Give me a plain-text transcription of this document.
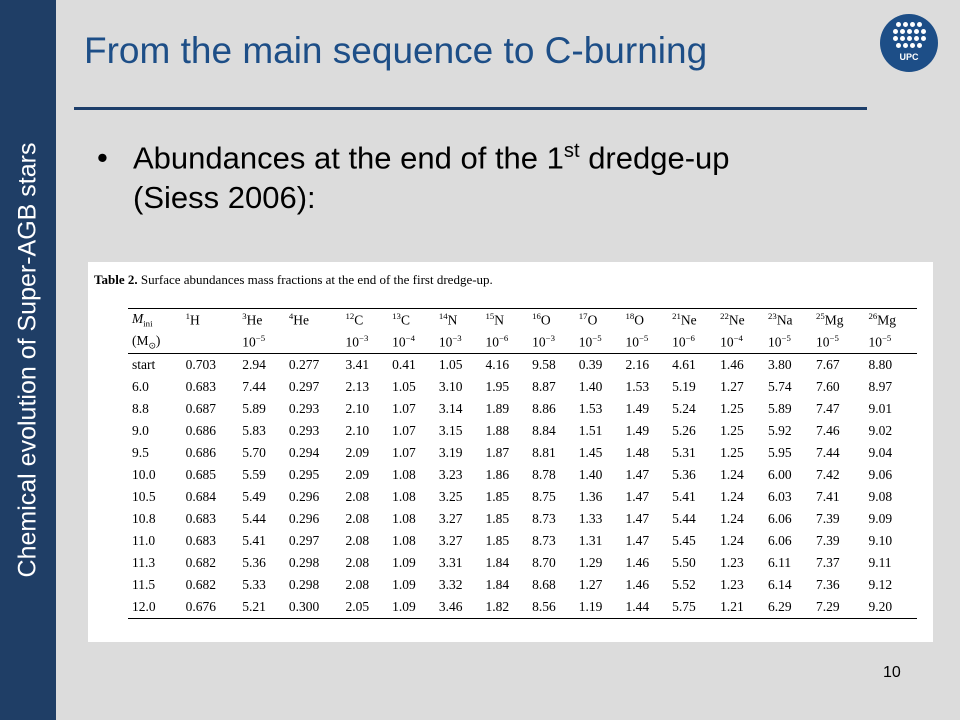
Chemical evolution of Super-AGB stars
From the main sequence to C-burning	UPC
• Abundances at the end of the 1st dredge-up
(Siess 2006):
Table 2. Surface abundances mass fractions at the end of the first dredge-up.
$M_{ini}$	$^1$H	$^3$He	$^4$He	$^{12}$C	$^{13}$C	$^{14}$N	$^{15}$N	$^{16}$O	$^{17}$O	$^{18}$O	$^{21}$Ne	$^{22}$Ne	$^{23}$Na	$^{25}$Mg	$^{26}$Mg
$(M_⊙)$		$10^{-5}$		$10^{-3}$	$10^{-4}$	$10^{-3}$	$10^{-6}$	$10^{-3}$	$10^{-5}$	$10^{-5}$	$10^{-6}$	$10^{-4}$	$10^{-5}$	$10^{-5}$	$10^{-5}$
start	0.703	2.94	0.277	3.41	0.41	1.05	4.16	9.58	0.39	2.16	4.61	1.46	3.80	7.67	8.80
6.0	0.683	7.44	0.297	2.13	1.05	3.10	1.95	8.87	1.40	1.53	5.19	1.27	5.74	7.60	8.97
8.8	0.687	5.89	0.293	2.10	1.07	3.14	1.89	8.86	1.53	1.49	5.24	1.25	5.89	7.47	9.01
9.0	0.686	5.83	0.293	2.10	1.07	3.15	1.88	8.84	1.51	1.49	5.26	1.25	5.92	7.46	9.02
9.5	0.686	5.70	0.294	2.09	1.07	3.19	1.87	8.81	1.45	1.48	5.31	1.25	5.95	7.44	9.04
10.0	0.685	5.59	0.295	2.09	1.08	3.23	1.86	8.78	1.40	1.47	5.36	1.24	6.00	7.42	9.06
10.5	0.684	5.49	0.296	2.08	1.08	3.25	1.85	8.75	1.36	1.47	5.41	1.24	6.03	7.41	9.08
10.8	0.683	5.44	0.296	2.08	1.08	3.27	1.85	8.73	1.33	1.47	5.44	1.24	6.06	7.39	9.09
11.0	0.683	5.41	0.297	2.08	1.08	3.27	1.85	8.73	1.31	1.47	5.45	1.24	6.06	7.39	9.10
11.3	0.682	5.36	0.298	2.08	1.09	3.31	1.84	8.70	1.29	1.46	5.50	1.23	6.11	7.37	9.11
11.5	0.682	5.33	0.298	2.08	1.09	3.32	1.84	8.68	1.27	1.46	5.52	1.23	6.14	7.36	9.12
12.0	0.676	5.21	0.300	2.05	1.09	3.46	1.82	8.56	1.19	1.44	5.75	1.21	6.29	7.29	9.20
10
